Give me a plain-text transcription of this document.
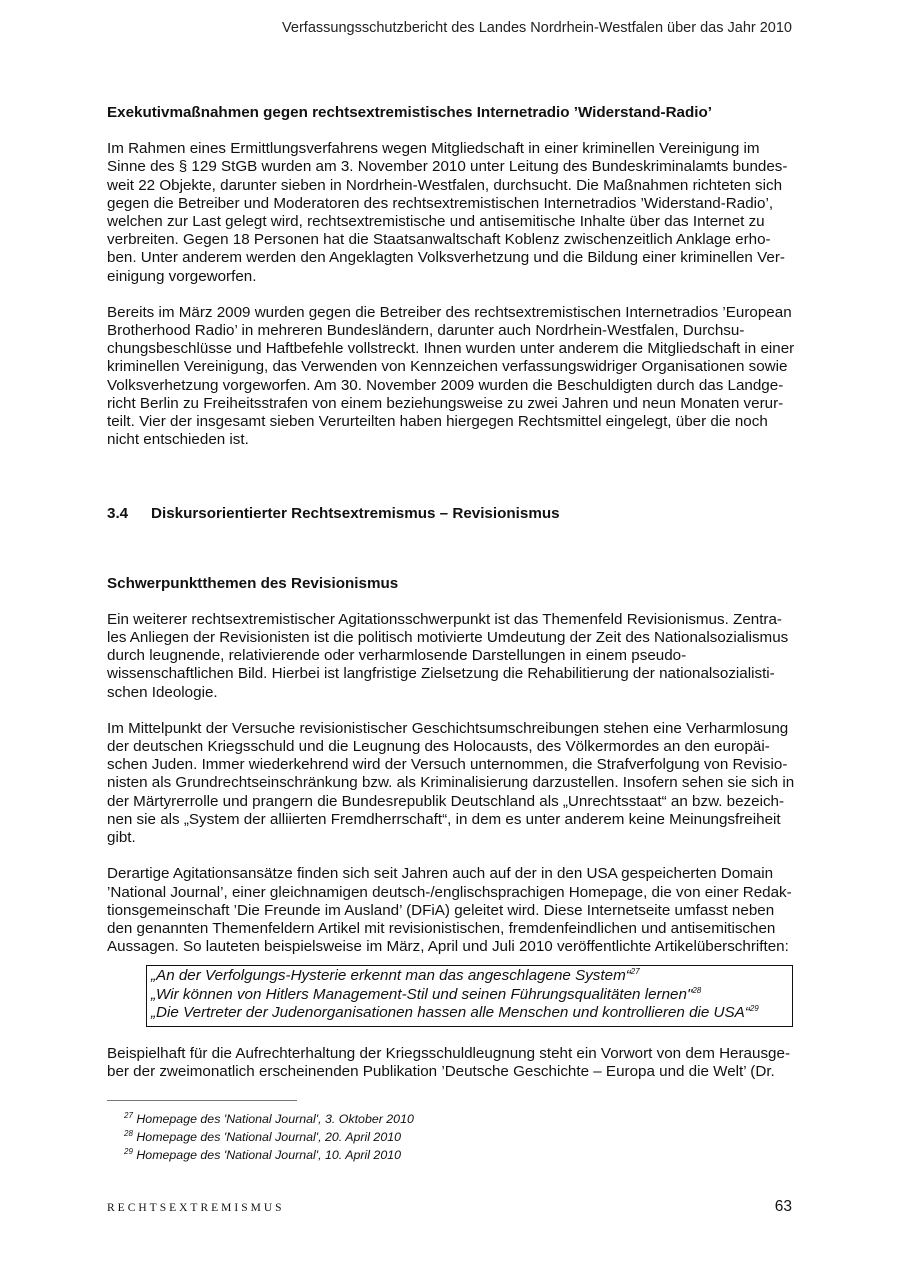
Verfassungsschutzbericht des Landes Nordrhein-Westfalen über das Jahr 2010
Exekutivmaßnahmen gegen rechtsextremistisches Internetradio ’Widerstand-Radio’

Im Rahmen eines Ermittlungsverfahrens wegen Mitgliedschaft in einer kriminellen Vereinigung im
Sinne des § 129 StGB wurden am 3. November 2010 unter Leitung des Bundeskriminalamts bundes-
weit 22 Objekte, darunter sieben in Nordrhein-Westfalen, durchsucht. Die Maßnahmen richteten sich
gegen die Betreiber und Moderatoren des rechtsextremistischen Internetradios ’Widerstand-Radio’,
welchen zur Last gelegt wird, rechtsextremistische und antisemitische Inhalte über das Internet zu
verbreiten. Gegen 18 Personen hat die Staatsanwaltschaft Koblenz zwischenzeitlich Anklage erho-
ben. Unter anderem werden den Angeklagten Volksverhetzung und die Bildung einer kriminellen Ver-
einigung vorgeworfen.

Bereits im März 2009 wurden gegen die Betreiber des rechtsextremistischen Internetradios ’European
Brotherhood Radio’ in mehreren Bundesländern, darunter auch Nordrhein-Westfalen, Durchsu-
chungsbeschlüsse und Haftbefehle vollstreckt. Ihnen wurden unter anderem die Mitgliedschaft in einer
kriminellen Vereinigung, das Verwenden von Kennzeichen verfassungswidriger Organisationen sowie
Volksverhetzung vorgeworfen. Am 30. November 2009 wurden die Beschuldigten durch das Landge-
richt Berlin zu Freiheitsstrafen von einem beziehungsweise zu zwei Jahren und neun Monaten verur-
teilt. Vier der insgesamt sieben Verurteilten haben hiergegen Rechtsmittel eingelegt, über die noch
nicht entschieden ist.

3.4	Diskursorientierter Rechtsextremismus – Revisionismus
Schwerpunktthemen des Revisionismus

Ein weiterer rechtsextremistischer Agitationsschwerpunkt ist das Themenfeld Revisionismus. Zentra-
les Anliegen der Revisionisten ist die politisch motivierte Umdeutung der Zeit des Nationalsozialismus
durch leugnende, relativierende oder verharmlosende Darstellungen in einem pseudo-
wissenschaftlichen Bild. Hierbei ist langfristige Zielsetzung die Rehabilitierung der nationalsozialisti-
schen Ideologie.

Im Mittelpunkt der Versuche revisionistischer Geschichtsumschreibungen stehen eine Verharmlosung
der deutschen Kriegsschuld und die Leugnung des Holocausts, des Völkermordes an den europäi-
schen Juden. Immer wiederkehrend wird der Versuch unternommen, die Strafverfolgung von Revisio-
nisten als Grundrechtseinschränkung bzw. als Kriminalisierung darzustellen. Insofern sehen sie sich in
der Märtyrerrolle und prangern die Bundesrepublik Deutschland als „Unrechtsstaat“ an bzw. bezeich-
nen sie als „System der alliierten Fremdherrschaft“, in dem es unter anderem keine Meinungsfreiheit
gibt.

Derartige Agitationsansätze finden sich seit Jahren auch auf der in den USA gespeicherten Domain
’National Journal’, einer gleichnamigen deutsch-/englischsprachigen Homepage, die von einer Redak-
tionsgemeinschaft ’Die Freunde im Ausland’ (DFiA) geleitet wird. Diese Internetseite umfasst neben
den genannten Themenfeldern Artikel mit revisionistischen, fremdenfeindlichen und antisemitischen
Aussagen. So lauteten beispielsweise im März, April und Juli 2010 veröffentlichte Artikelüberschriften:

„An der Verfolgungs-Hysterie erkennt man das angeschlagene System“$^{27}$
„Wir können von Hitlers Management-Stil und seinen Führungsqualitäten lernen"$^{28}$
„Die Vertreter der Judenorganisationen hassen alle Menschen und kontrollieren die USA“$^{29}$

Beispielhaft für die Aufrechterhaltung der Kriegsschuldleugnung steht ein Vorwort von dem Herausge-
ber der zweimonatlich erscheinenden Publikation ’Deutsche Geschichte – Europa und die Welt’ (Dr.

$^{27}$ Homepage des 'National Journal', 3. Oktober 2010
$^{28}$ Homepage des 'National Journal', 20. April 2010
$^{29}$ Homepage des 'National Journal', 10. April 2010
RECHTSEXTREMISMUS	63
